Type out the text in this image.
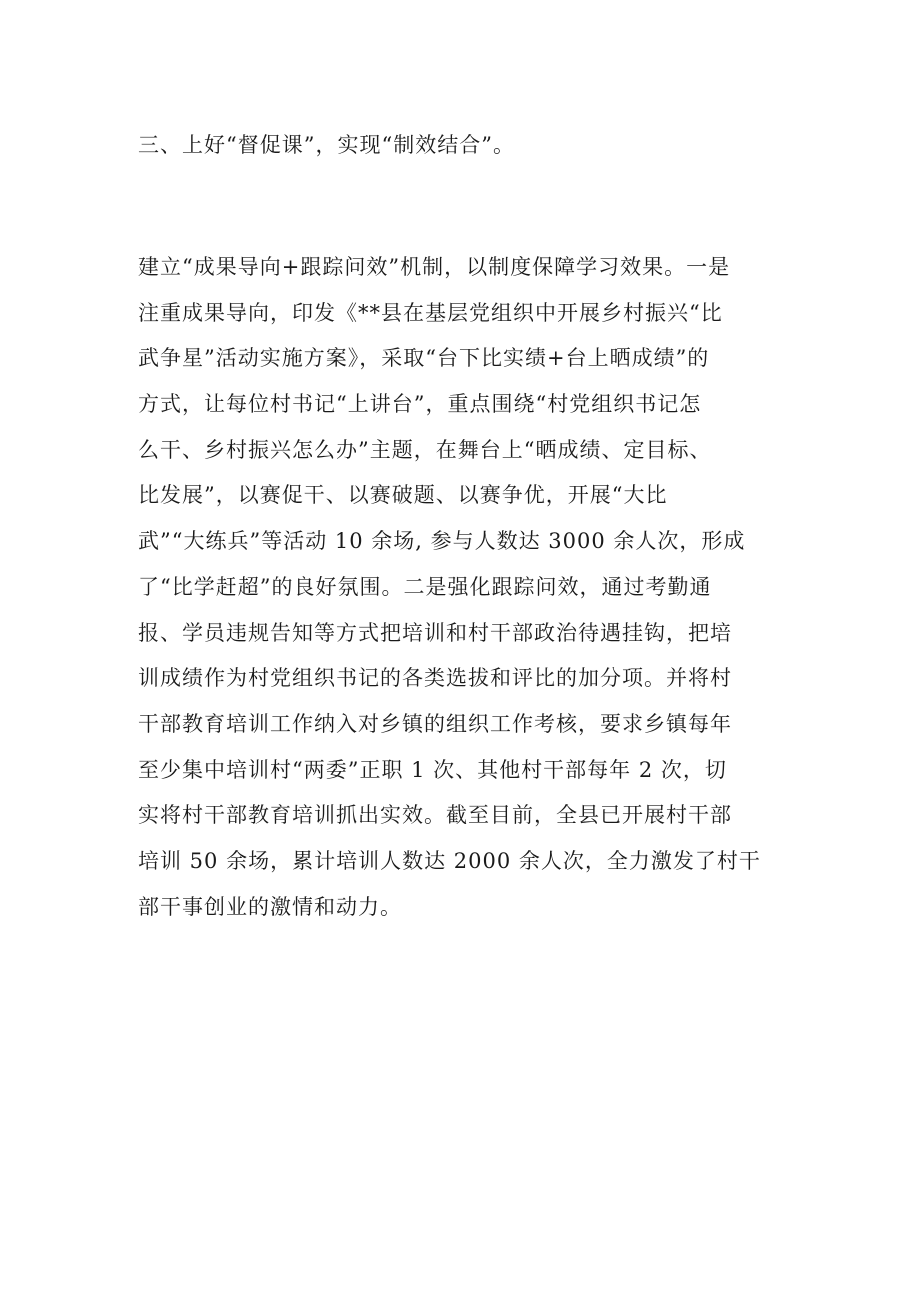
三、上好“督促课”，实现“制效结合”。
建立“成果导向+跟踪问效”机制，以制度保障学习效果。一是
注重成果导向，印发《**县在基层党组织中开展乡村振兴“比
武争星”活动实施方案》，采取“台下比实绩+台上晒成绩”的
方式，让每位村书记“上讲台”，重点围绕“村党组织书记怎
么干、乡村振兴怎么办”主题，在舞台上“晒成绩、定目标、
比发展”，以赛促干、以赛破题、以赛争优，开展“大比
武”“大练兵”等活动 10 余场, 参与人数达 3000 余人次，形成
了“比学赶超”的良好氛围。二是强化跟踪问效，通过考勤通
报、学员违规告知等方式把培训和村干部政治待遇挂钩，把培
训成绩作为村党组织书记的各类选拔和评比的加分项。并将村
干部教育培训工作纳入对乡镇的组织工作考核，要求乡镇每年
至少集中培训村“两委”正职 1 次、其他村干部每年 2 次，切
实将村干部教育培训抓出实效。截至目前，全县已开展村干部
培训 50 余场，累计培训人数达 2000 余人次，全力激发了村干
部干事创业的激情和动力。
